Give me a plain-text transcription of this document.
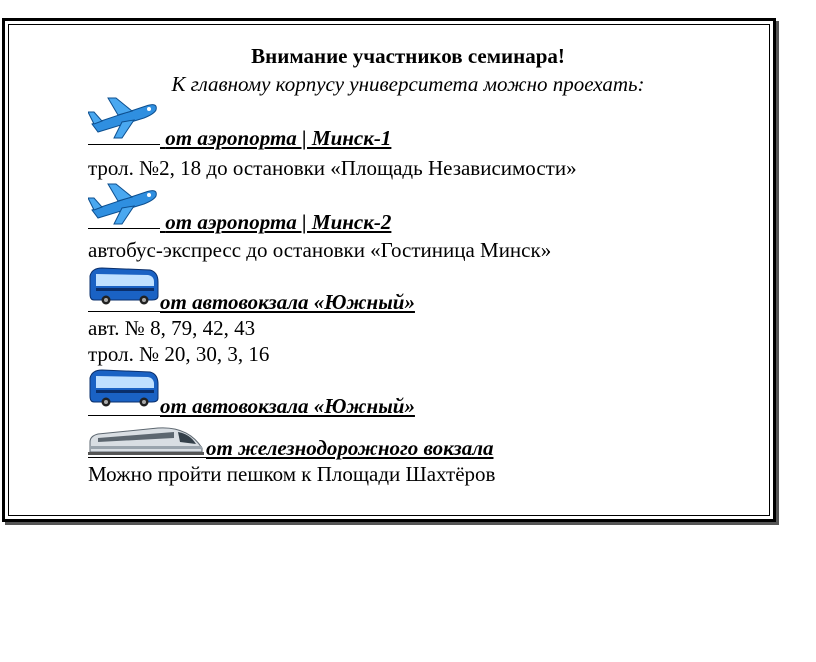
Внимание участников семинара!
К главному корпусу университета можно проехать:
от аэропорта | Минск-1
трол. №2, 18 до остановки «Площадь Независимости»
от аэропорта | Минск-2
автобус-экспресс до остановки «Гостиница Минск»
от автовокзала «Южный»
авт. № 8, 79, 42, 43
трол. № 20, 30, 3, 16
от автовокзала «Южный»
от железнодорожного вокзала
Можно пройти пешком к Площади Шахтёров
